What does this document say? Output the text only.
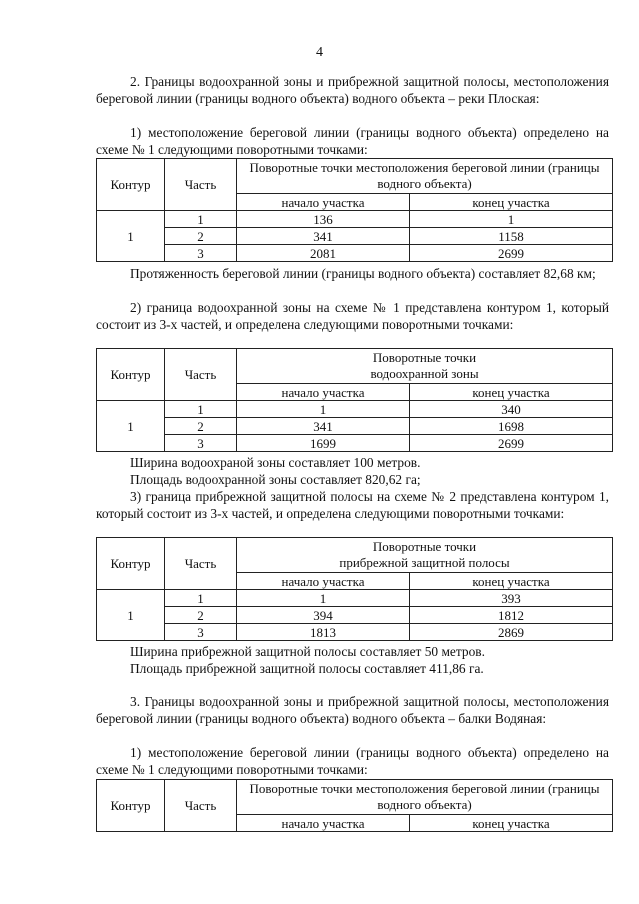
4

2. Границы водоохранной зоны и прибрежной защитной полосы, местоположения береговой линии (границы водного объекта) водного объекта – реки Плоская:

1) местоположение береговой линии (границы водного объекта) определено на схеме № 1 следующими поворотными точками:

Контур	Часть	Поворотные точки местоположения береговой линии (границы водного объекта)	
		начало участка	конец участка
1	1	136	1
	2	341	1158
	3	2081	2699

Протяженность береговой линии (границы водного объекта) составляет 82,68 км;

2) граница водоохранной зоны на схеме № 1 представлена контуром 1, который состоит из 3-х частей, и определена следующими поворотными точками:

Контур	Часть	Поворотные точки
водоохранной зоны	

		начало участка	конец участка
1	1	1	340
	2	341	1698
	3	1699	2699
Ширина водоохраной зоны составляет 100 метров.
Площадь водоохранной зоны составляет 820,62 га;

3) граница прибрежной защитной полосы на схеме № 2 представлена контуром 1, который состоит из 3-х частей, и определена следующими поворотными точками:

Контур	Часть	Поворотные точки
прибрежной защитной полосы	

		начало участка	конец участка
1	1	1	393
	2	394	1812
	3	1813	2869
Ширина прибрежной защитной полосы составляет 50 метров.
Площадь прибрежной защитной полосы составляет 411,86 га.

3. Границы водоохранной зоны и прибрежной защитной полосы, местоположения береговой линии (границы водного объекта) водного объекта – балки Водяная:

1) местоположение береговой линии (границы водного объекта) определено на схеме № 1 следующими поворотными точками:

Контур	Часть	Поворотные точки местоположения береговой линии (границы водного объекта)	
		начало участка	конец участка
